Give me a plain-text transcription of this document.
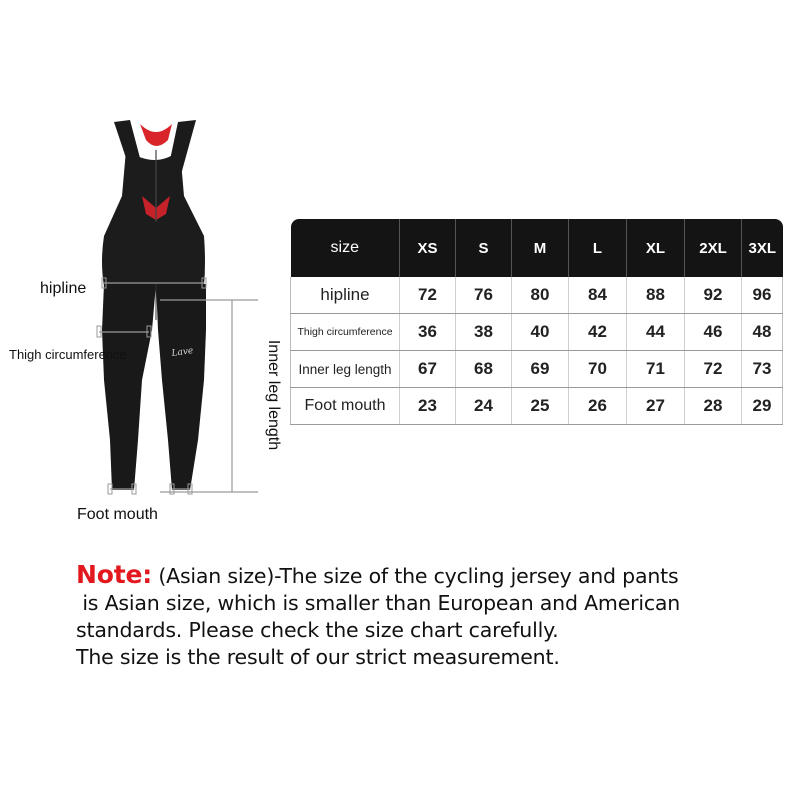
Lave
hipline
Thigh circumference	Inner leg length
Foot mouth
size	XS	S	M	L	XL	2XL	3XL
hipline	72	76	80	84	88	92	96
Thigh circumference	36	38	40	42	44	46	48
Inner leg length	67	68	69	70	71	72	73
Foot mouth	23	24	25	26	27	28	29
Note: (Asian size)-The size of the cycling jersey and pants
is Asian size, which is smaller than European and American
standards. Please check the size chart carefully.
The size is the result of our strict measurement.
